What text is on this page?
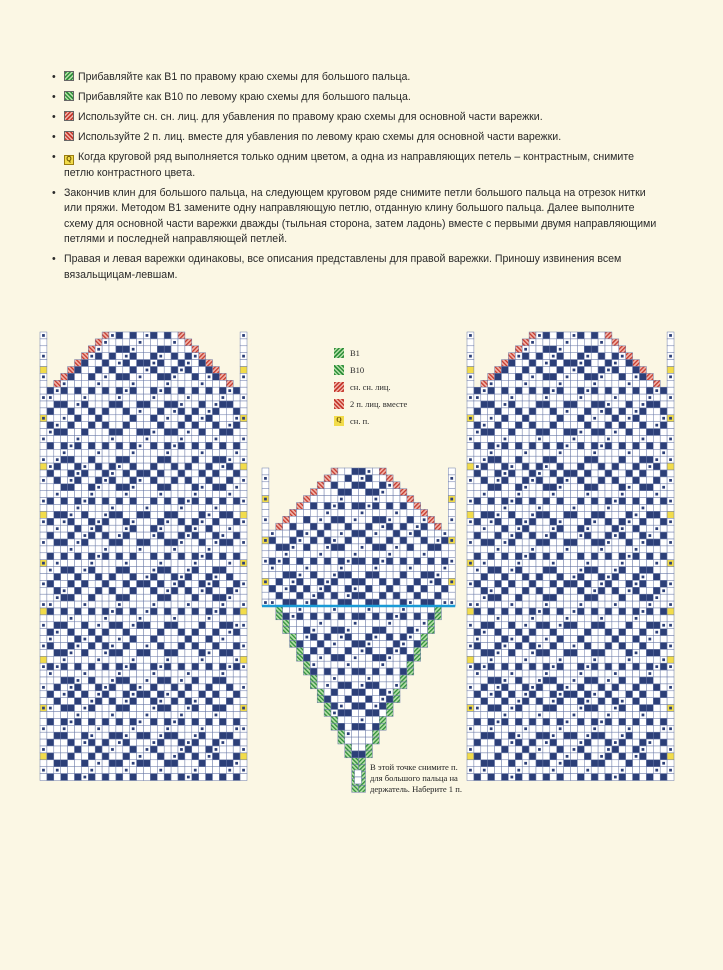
• Прибавляйте как В1 по правому краю схемы для большого пальца.
• Прибавляйте как В10 по левому краю схемы для большого пальца.
• Используйте сн. сн. лиц. для убавления по правому краю схемы для основной части варежки.
• Используйте 2 п. лиц. вместе для убавления по левому краю схемы для основной части варежки.
• Q Когда круговой ряд выполняется только одним цветом, а одна из направляющих петель – контрастным, снимите петлю контрастного цвета.
• Закончив клин для большого пальца, на следующем круговом ряде снимите петли большого пальца на отрезок нитки или пряжи. Методом В1 замените одну направляющую петлю, отданную клину большого пальца. Далее выполните схему для основной части варежки дважды (тыльная сторона, затем ладонь) вместе с первыми двумя направляющими петлями и последней направляющей петлей.
• Правая и левая варежки одинаковы, все описания представлены для правой варежки. Приношу извинения всем вязальщицам-левшам.
В1
В10
сн. сн. лиц.
2 п. лиц. вместе
Q сн. п.
В этой точке снимите п. для большого пальца на держатель. Наберите 1 п.
